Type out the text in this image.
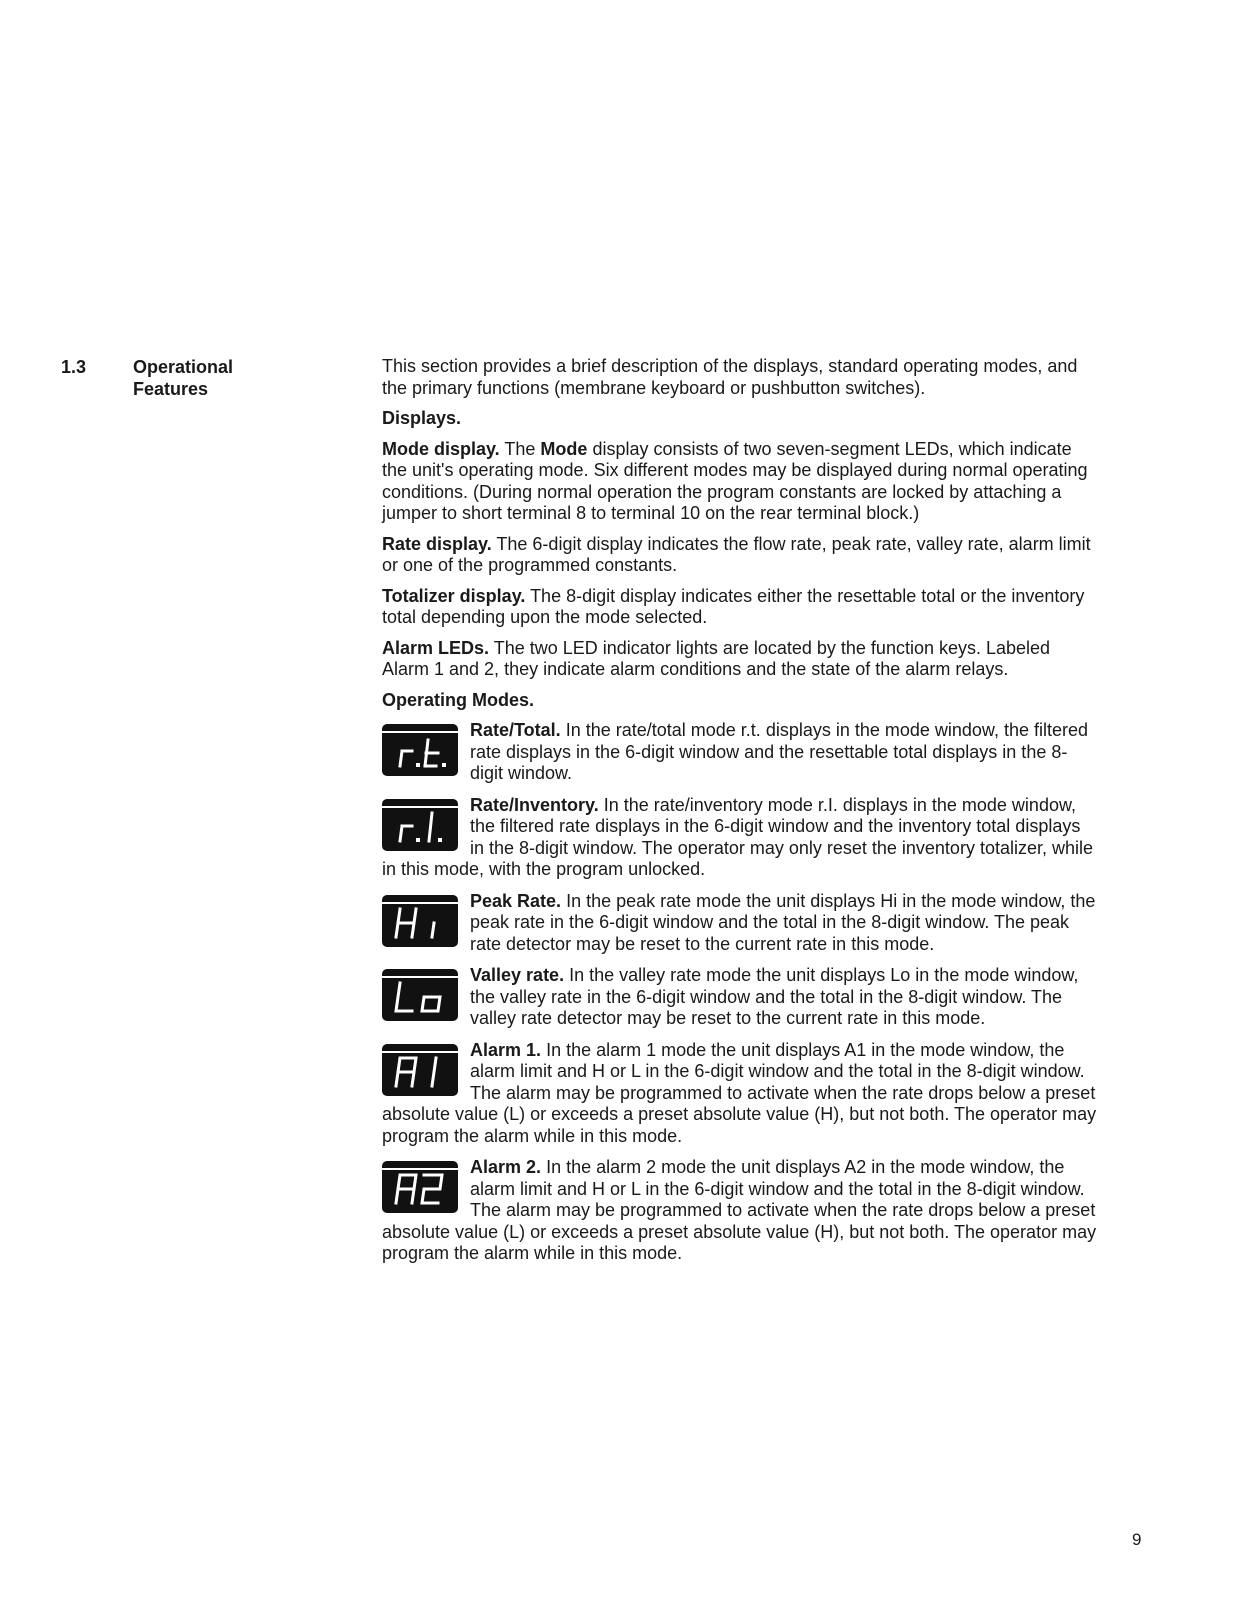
1.3	Operational
Features

This section provides a brief description of the displays, standard operating modes, and the primary functions (membrane keyboard or pushbutton switches).

Displays.

Mode display. The Mode display consists of two seven-segment LEDs, which indicate the unit's operating mode. Six different modes may be displayed during normal operating conditions. (During normal operation the program constants are locked by attaching a jumper to short terminal 8 to terminal 10 on the rear terminal block.)

Rate display. The 6-digit display indicates the flow rate, peak rate, valley rate, alarm limit or one of the programmed constants.

Totalizer display. The 8-digit display indicates either the resettable total or the inventory total depending upon the mode selected.

Alarm LEDs. The two LED indicator lights are located by the function keys. Labeled Alarm 1 and 2, they indicate alarm conditions and the state of the alarm relays.

Operating Modes.

Rate/Total. In the rate/total mode r.t. displays in the mode window, the filtered rate displays in the 6-digit window and the resettable total displays in the 8-digit window.

Rate/Inventory. In the rate/inventory mode r.I. displays in the mode window, the filtered rate displays in the 6-digit window and the inventory total displays in the 8-digit window. The operator may only reset the inventory totalizer, while in this mode, with the program unlocked.

Peak Rate. In the peak rate mode the unit displays Hi in the mode window, the peak rate in the 6-digit window and the total in the 8-digit window. The peak rate detector may be reset to the current rate in this mode.

Valley rate. In the valley rate mode the unit displays Lo in the mode window, the valley rate in the 6-digit window and the total in the 8-digit window. The valley rate detector may be reset to the current rate in this mode.

Alarm 1. In the alarm 1 mode the unit displays A1 in the mode window, the alarm limit and H or L in the 6-digit window and the total in the 8-digit window. The alarm may be programmed to activate when the rate drops below a preset absolute value (L) or exceeds a preset absolute value (H), but not both. The operator may program the alarm while in this mode.

Alarm 2. In the alarm 2 mode the unit displays A2 in the mode window, the alarm limit and H or L in the 6-digit window and the total in the 8-digit window. The alarm may be programmed to activate when the rate drops below a preset absolute value (L) or exceeds a preset absolute value (H), but not both. The operator may program the alarm while in this mode.

9
